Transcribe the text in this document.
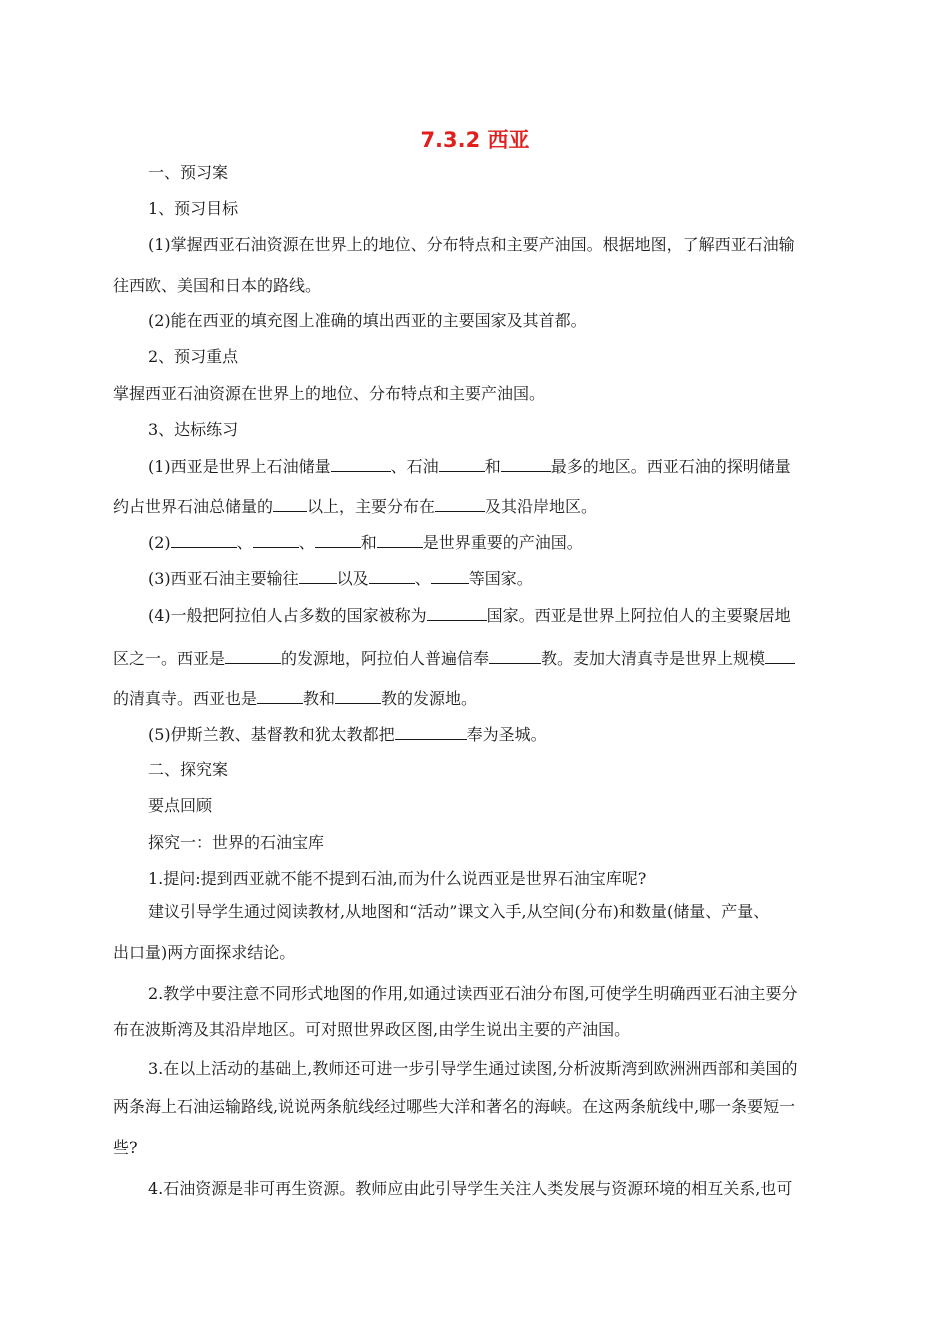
7.3.2 西亚
一、预习案
1、预习目标
(1)掌握西亚石油资源在世界上的地位、分布特点和主要产油国。根据地图，了解西亚石油输
往西欧、美国和日本的路线。
(2)能在西亚的填充图上准确的填出西亚的主要国家及其首都。
2、预习重点
掌握西亚石油资源在世界上的地位、分布特点和主要产油国。
3、达标练习
(1)西亚是世界上石油储量	、石油	和	最多的地区。西亚石油的探明储量
约占世界石油总储量的 以上，主要分布在	及其沿岸地区。
(2)	、	、	和	是世界重要的产油国。
(3)西亚石油主要输往 以及	、 等国家。
(4)一般把阿拉伯人占多数的国家被称为	国家。西亚是世界上阿拉伯人的主要聚居地
区之一。西亚是	的发源地，阿拉伯人普遍信奉	教。麦加大清真寺是世界上规模
的清真寺。西亚也是	教和	教的发源地。
(5)伊斯兰教、基督教和犹太教都把	奉为圣城。
二、探究案
要点回顾
探究一：世界的石油宝库
1.提问:提到西亚就不能不提到石油,而为什么说西亚是世界石油宝库呢?
建议引导学生通过阅读教材,从地图和“活动”课文入手,从空间(分布)和数量(储量、产量、
出口量)两方面探求结论。
2.教学中要注意不同形式地图的作用,如通过读西亚石油分布图,可使学生明确西亚石油主要分
布在波斯湾及其沿岸地区。可对照世界政区图,由学生说出主要的产油国。
3.在以上活动的基础上,教师还可进一步引导学生通过读图,分析波斯湾到欧洲洲西部和美国的
两条海上石油运输路线,说说两条航线经过哪些大洋和著名的海峡。在这两条航线中,哪一条要短一
些?
4.石油资源是非可再生资源。教师应由此引导学生关注人类发展与资源环境的相互关系,也可
